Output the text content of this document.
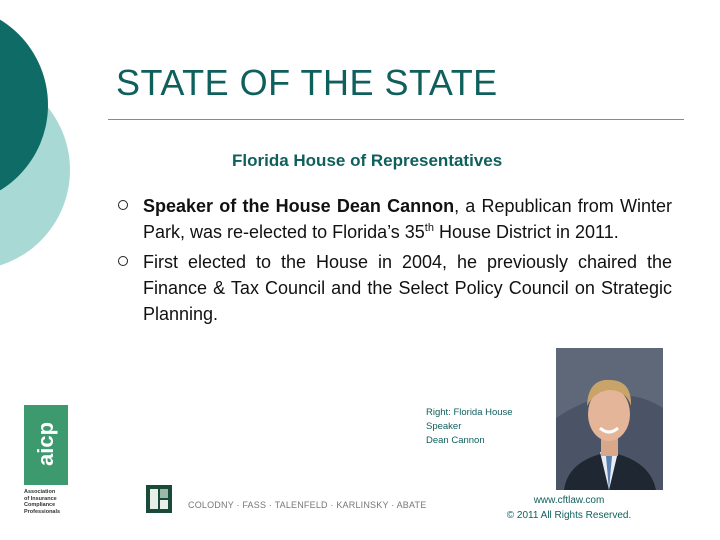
STATE OF THE STATE
Florida House of Representatives
Speaker of the House Dean Cannon, a Republican from Winter Park, was re-elected to Florida’s 35th House District in 2011.
First elected to the House in 2004, he previously chaired the Finance & Tax Council and the Select Policy Council on Strategic Planning.
Right: Florida House
Speaker
Dean Cannon
aicp
Association
of Insurance
Compliance
Professionals
COLODNY · FASS · TALENFELD · KARLINSKY · ABATE	www.cftlaw.com
© 2011 All Rights Reserved.
